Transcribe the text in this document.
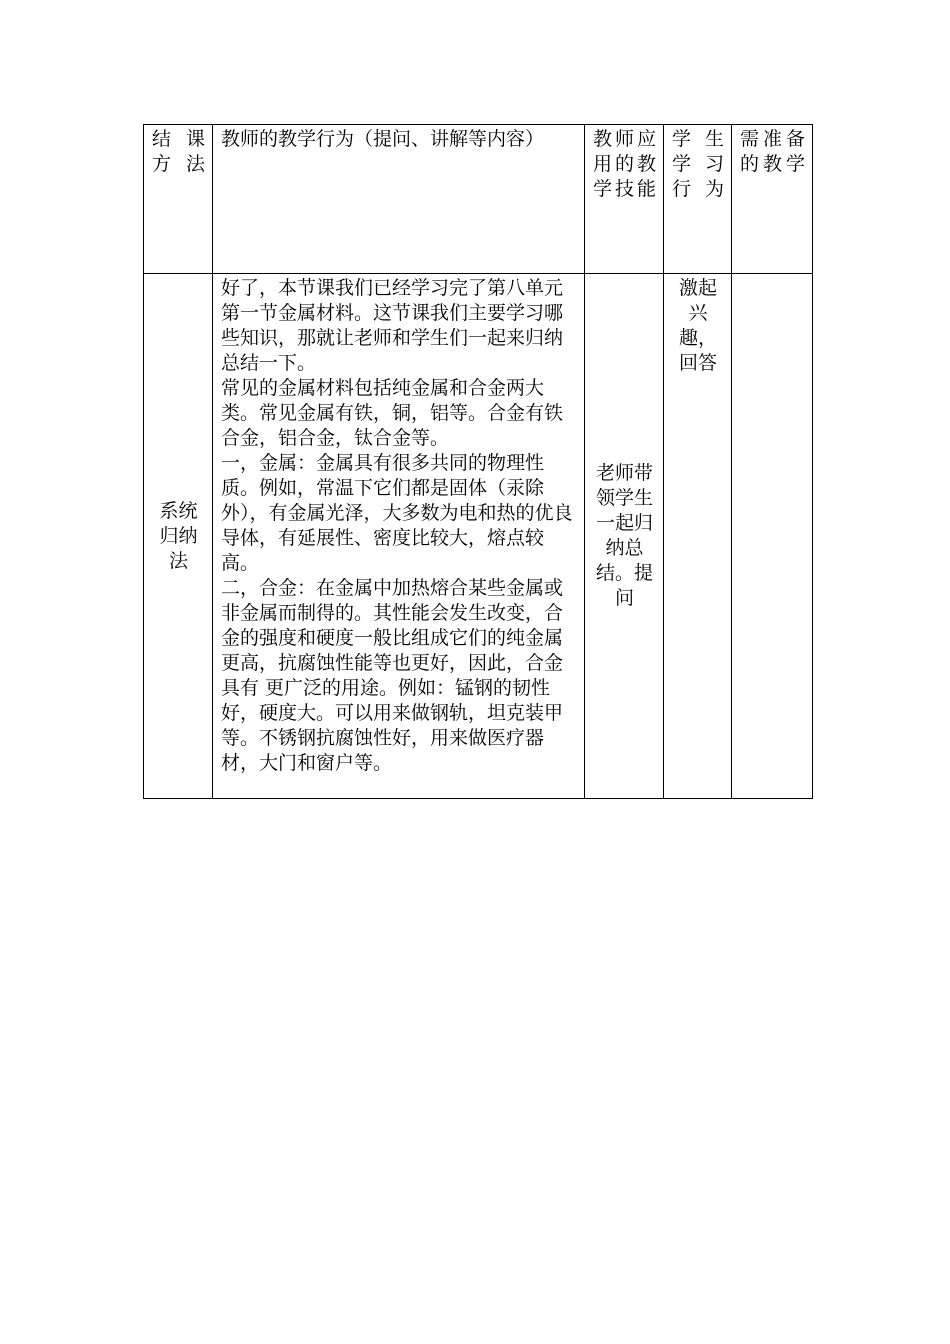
结课方法	教师的教学行为（提问、讲解等内容）	教师应用的教学技能	学生学习行为	需准备的教学
系统归纳法	好了，本节课我们已经学习完了第八单元第一节金属材料。这节课我们主要学习哪些知识，那就让老师和学生们一起来归纳总结一下。
常见的金属材料包括纯金属和合金两大类。常见金属有铁，铜，铝等。合金有铁合金，铝合金，钛合金等。
一，金属：金属具有很多共同的物理性质。例如，常温下它们都是固体（汞除外），有金属光泽，大多数为电和热的优良导体，有延展性、密度比较大，熔点较高。
二，合金：在金属中加热熔合某些金属或非金属而制得的。其性能会发生改变，合金的强度和硬度一般比组成它们的纯金属更高，抗腐蚀性能等也更好，因此，合金具有 更广泛的用途。例如：锰钢的韧性好，硬度大。可以用来做钢轨，坦克装甲等。不锈钢抗腐蚀性好，用来做医疗器材，大门和窗户等。	老师带领学生一起归纳总结。提问	激起兴趣，回答	
